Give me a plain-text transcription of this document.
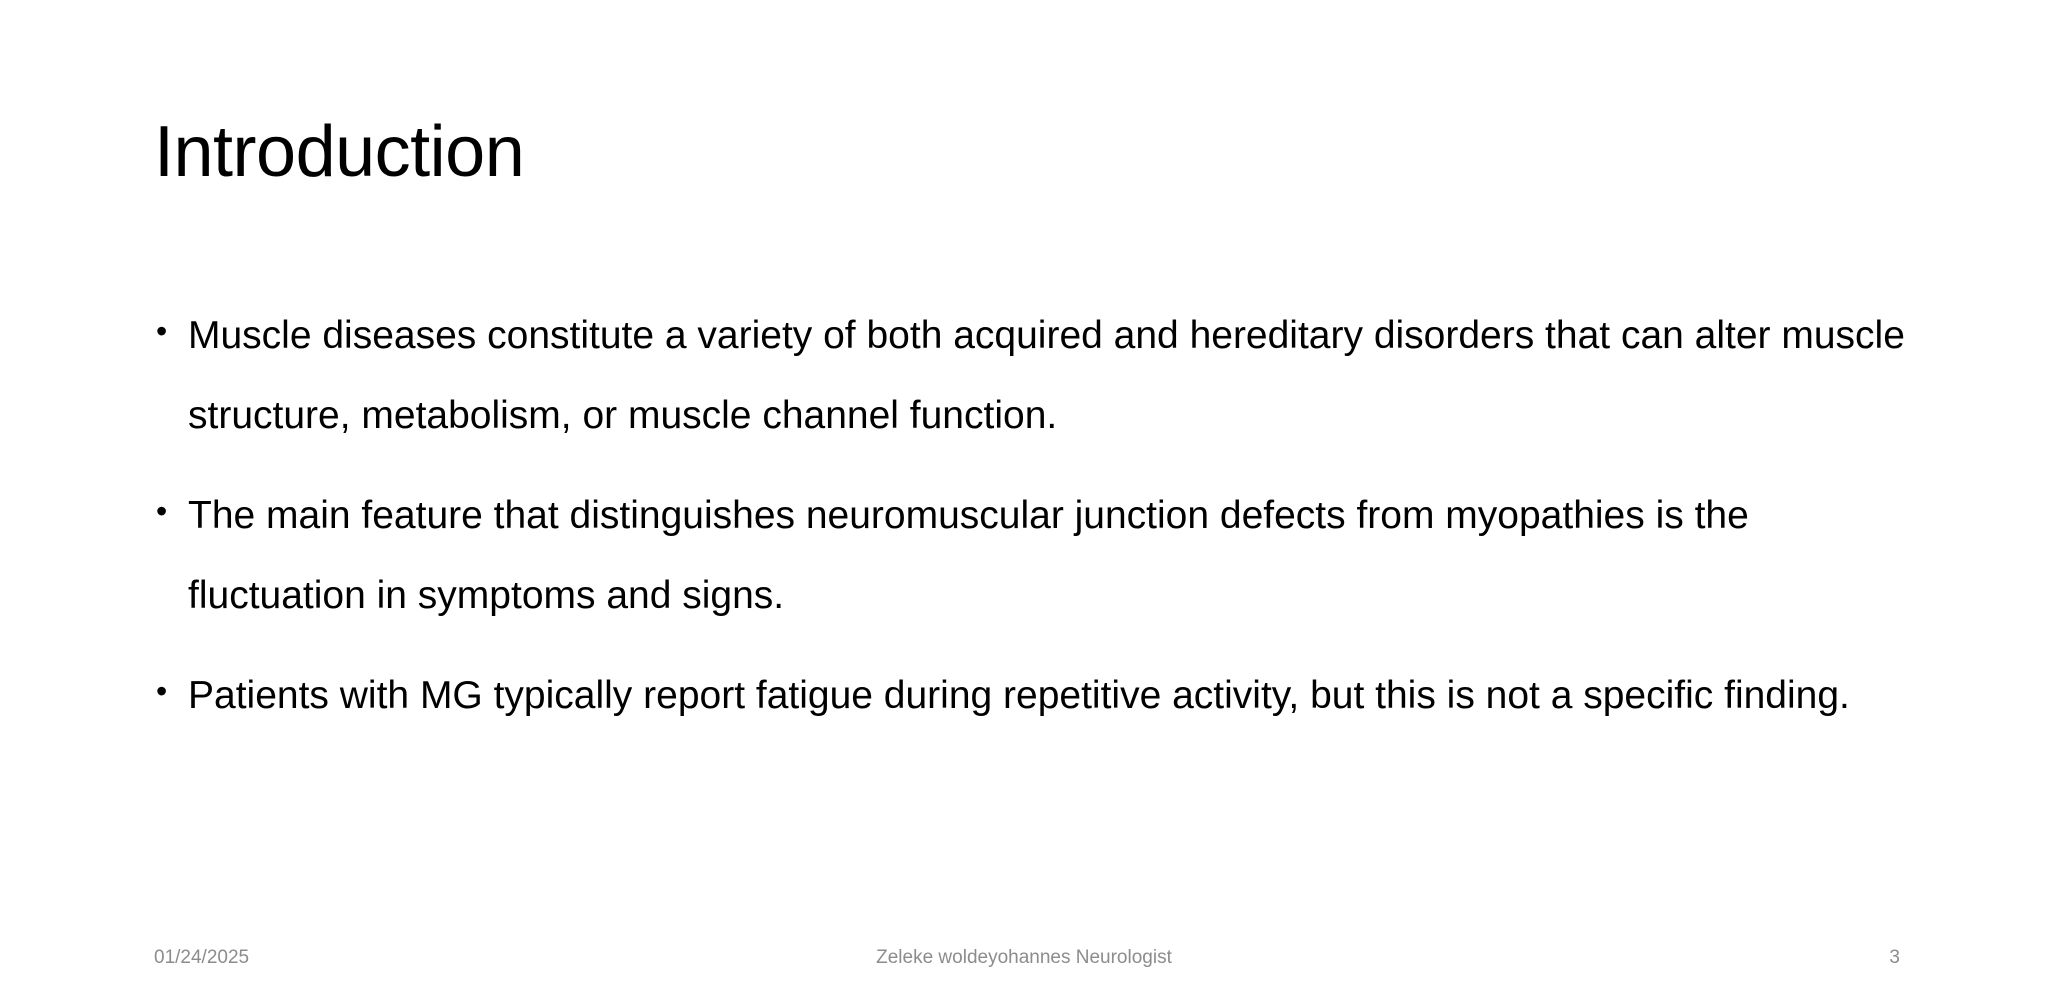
Introduction
• Muscle diseases constitute a variety of both acquired and hereditary disorders that can alter muscle structure, metabolism, or muscle channel function.
• The main feature that distinguishes neuromuscular junction defects from myopathies is the fluctuation in symptoms and signs.
• Patients with MG typically report fatigue during repetitive activity, but this is not a specific finding.
01/24/2025	Zeleke woldeyohannes Neurologist	3
